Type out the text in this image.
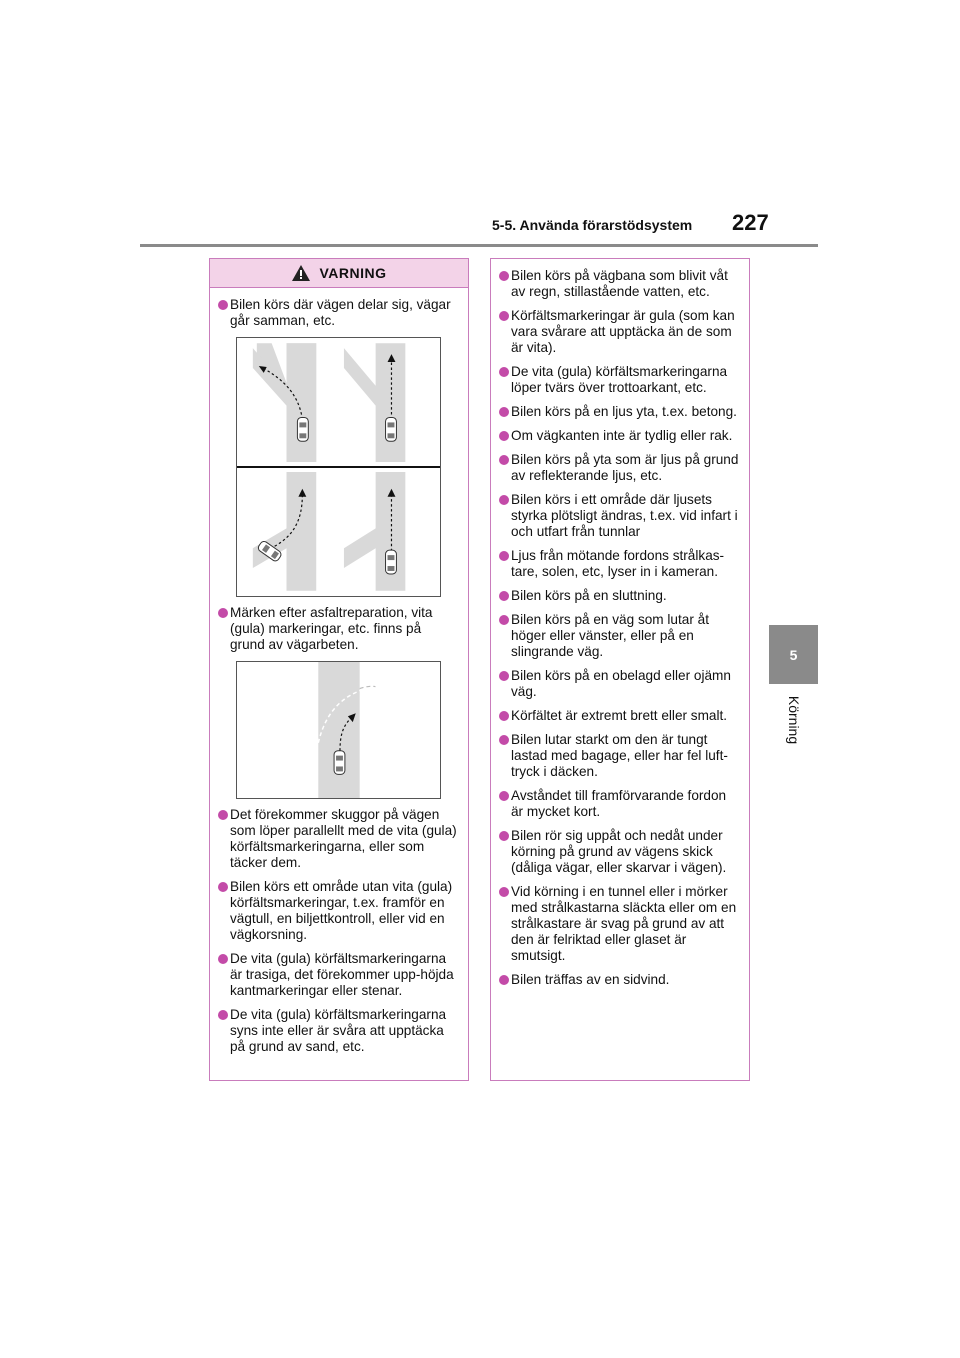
5-5. Använda förarstödsystem 227
5
Körning
VARNING
Bilen körs där vägen delar sig, vägar går samman, etc.
Märken efter asfaltreparation, vita (gula) markeringar, etc. finns på grund av vägarbeten.
Det förekommer skuggor på vägen som löper parallellt med de vita (gula) körfältsmarkeringarna, eller som täcker dem.
Bilen körs ett område utan vita (gula) körfältsmarkeringar, t.ex. framför en vägtull, en biljettkontroll, eller vid en vägkorsning.
De vita (gula) körfältsmarkeringarna är trasiga, det förekommer upp-höjda kantmarkeringar eller stenar.
De vita (gula) körfältsmarkeringarna syns inte eller är svåra att upptäcka på grund av sand, etc.
Bilen körs på vägbana som blivit våt av regn, stillastående vatten, etc.
Körfältsmarkeringar är gula (som kan vara svårare att upptäcka än de som är vita).
De vita (gula) körfältsmarkeringarna löper tvärs över trottoarkant, etc.
Bilen körs på en ljus yta, t.ex. betong.
Om vägkanten inte är tydlig eller rak.
Bilen körs på yta som är ljus på grund av reflekterande ljus, etc.
Bilen körs i ett område där ljusets styrka plötsligt ändras, t.ex. vid infart i och utfart från tunnlar
Ljus från mötande fordons strålkas-tare, solen, etc, lyser in i kameran.
Bilen körs på en sluttning.
Bilen körs på en väg som lutar åt höger eller vänster, eller på en slingrande väg.
Bilen körs på en obelagd eller ojämn väg.
Körfältet är extremt brett eller smalt.
Bilen lutar starkt om den är tungt lastad med bagage, eller har fel luft-tryck i däcken.
Avståndet till framförvarande fordon är mycket kort.
Bilen rör sig uppåt och nedåt under körning på grund av vägens skick (dåliga vägar, eller skarvar i vägen).
Vid körning i en tunnel eller i mörker med strålkastarna släckta eller om en strålkastare är svag på grund av att den är felriktad eller glaset är smutsigt.
Bilen träffas av en sidvind.
